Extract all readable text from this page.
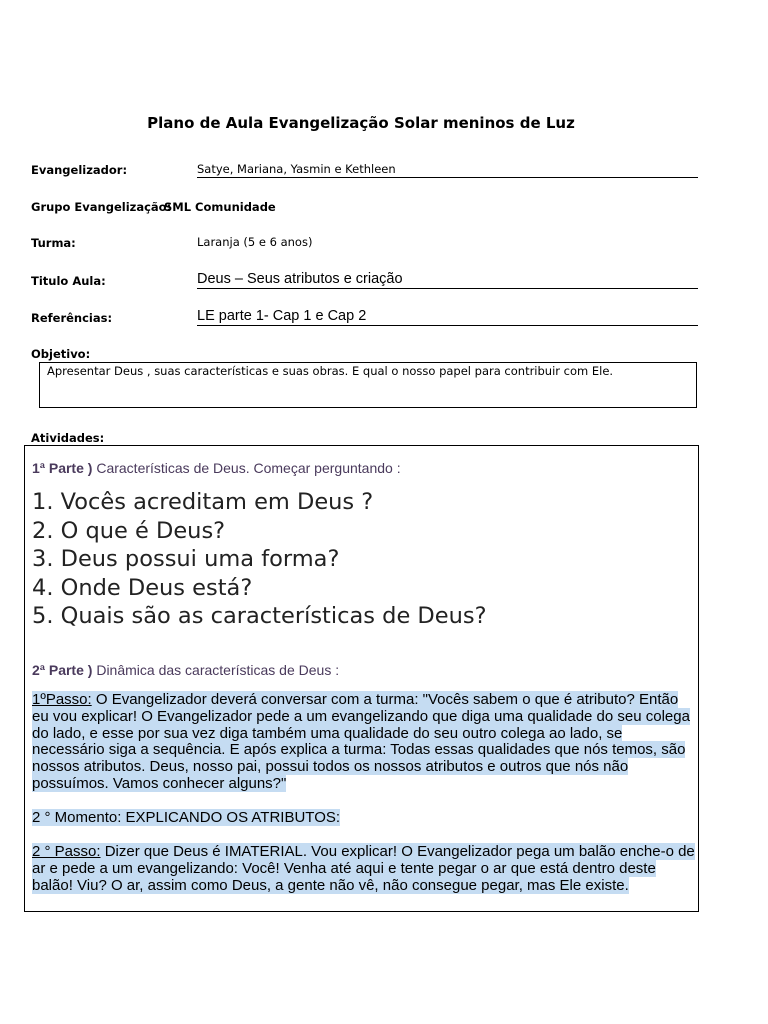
Plano de Aula Evangelização Solar meninos de Luz
Evangelizador:	Satye, Mariana, Yasmin e Kethleen
Grupo Evangelização:
SML Comunidade
Turma:	Laranja (5 e 6 anos)
Titulo Aula:	Deus – Seus atributos e criação
Referências:	LE parte 1- Cap 1 e Cap 2
Objetivo:
Apresentar Deus , suas características e suas obras. E qual o nosso papel para contribuir com Ele.
Atividades:
1ª Parte ) Características de Deus. Começar perguntando :
1. Vocês acreditam em Deus ?
2. O que é Deus?
3. Deus possui uma forma?
4. Onde Deus está?
5. Quais são as características de Deus?
2ª Parte ) Dinâmica das características de Deus :
1ºPasso: O Evangelizador deverá conversar com a turma: "Vocês sabem o que é atributo? Então eu vou explicar! O Evangelizador pede a um evangelizando que diga uma qualidade do seu colega do lado, e esse por sua vez diga também uma qualidade do seu outro colega ao lado, se necessário siga a sequência. E após explica a turma: Todas essas qualidades que nós temos, são nossos atributos. Deus, nosso pai, possui todos os nossos atributos e outros que nós não possuímos. Vamos conhecer alguns?"
2 ° Momento: EXPLICANDO OS ATRIBUTOS:
2 ° Passo: Dizer que Deus é IMATERIAL. Vou explicar! O Evangelizador pega um balão enche-o de ar e pede a um evangelizando: Você! Venha até aqui e tente pegar o ar que está dentro deste balão! Viu? O ar, assim como Deus, a gente não vê, não consegue pegar, mas Ele existe.
